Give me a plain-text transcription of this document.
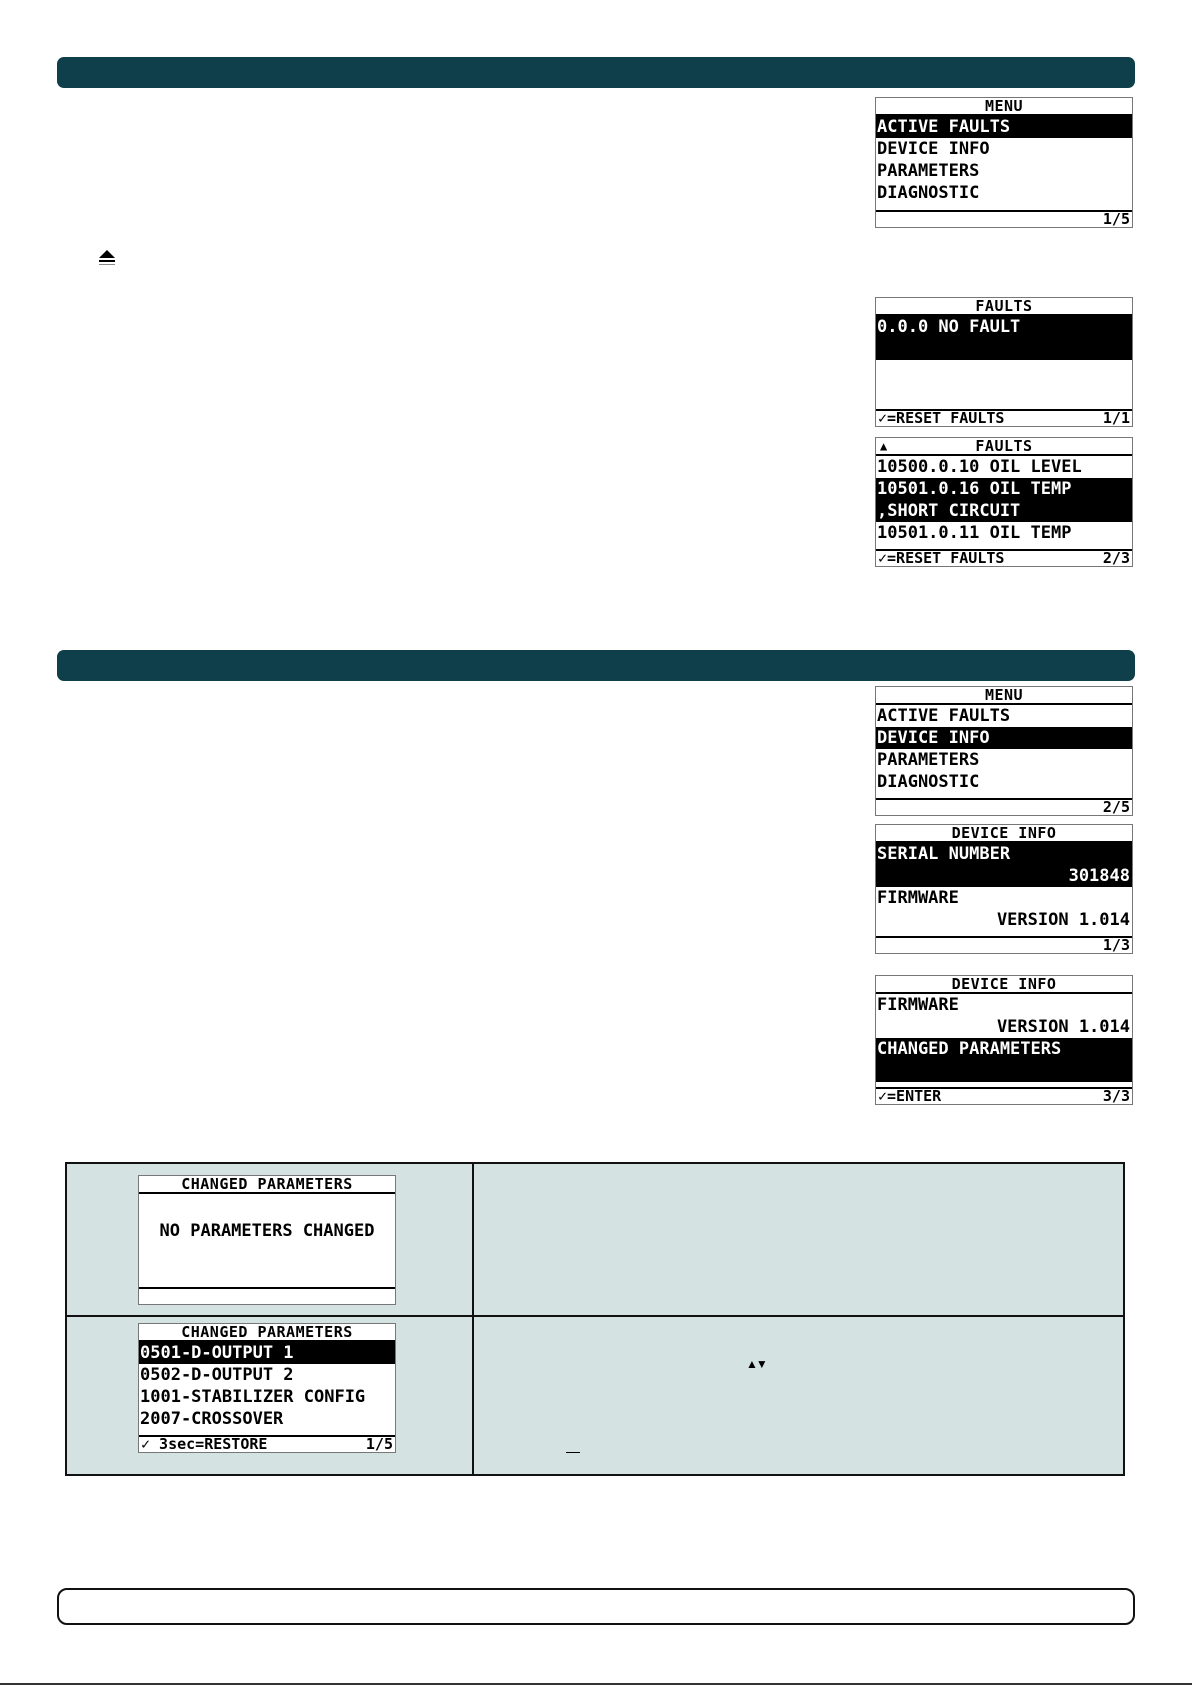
MENU
ACTIVE FAULTS
DEVICE INFO
PARAMETERS
DIAGNOSTIC
1/5
FAULTS
0.0.0 NO FAULT
✓=RESET FAULTS	1/1
▲	FAULTS
10500.0.10 OIL LEVEL
10501.0.16 OIL TEMP
,SHORT CIRCUIT
10501.0.11 OIL TEMP
✓=RESET FAULTS	2/3
MENU
ACTIVE FAULTS
DEVICE INFO
PARAMETERS
DIAGNOSTIC
2/5
DEVICE INFO
SERIAL NUMBER
301848
FIRMWARE
VERSION 1.014
1/3
DEVICE INFO
FIRMWARE
VERSION 1.014
CHANGED PARAMETERS
✓=ENTER	3/3
CHANGED PARAMETERS
NO PARAMETERS CHANGED
CHANGED PARAMETERS
0501-D-OUTPUT 1
0502-D-OUTPUT 2
1001-STABILIZER CONFIG
2007-CROSSOVER
✓ 3sec=RESTORE	1/5
▲▼
